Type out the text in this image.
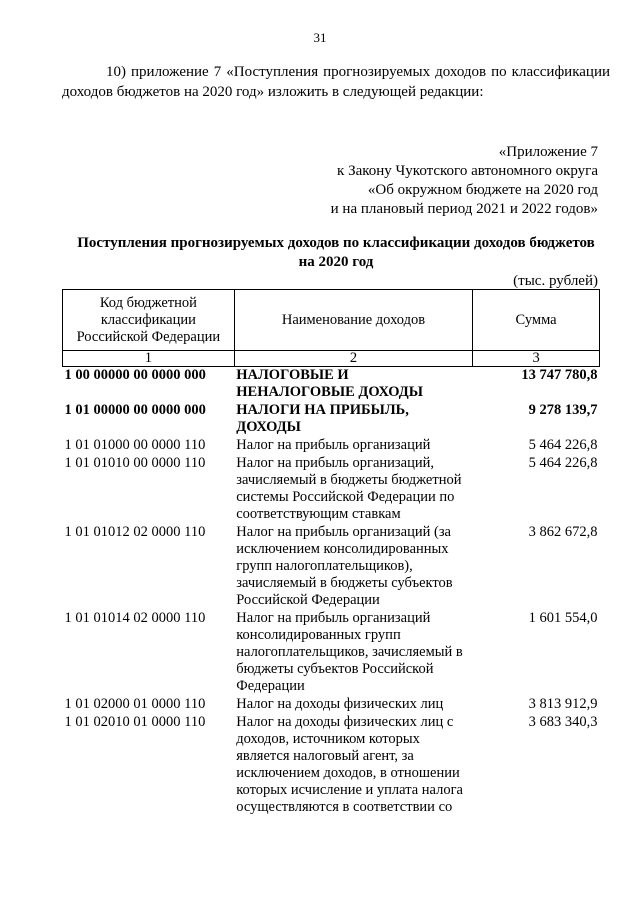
31

10) приложение 7 «Поступления прогнозируемых доходов по классификации доходов бюджетов на 2020 год» изложить в следующей редакции:

«Приложение 7
к Закону Чукотского автономного округа
«Об окружном бюджете на 2020 год
и на плановый период 2021 и 2022 годов»
Поступления прогнозируемых доходов по классификации доходов бюджетов
на 2020 год
(тыс. рублей)
Код бюджетной классификации Российской Федерации	Наименование доходов	Сумма
1	2	3
1 00 00000 00 0000 000	НАЛОГОВЫЕ И НЕНАЛОГОВЫЕ ДОХОДЫ	13 747 780,8
1 01 00000 00 0000 000	НАЛОГИ НА ПРИБЫЛЬ, ДОХОДЫ	9 278 139,7
1 01 01000 00 0000 110	Налог на прибыль организаций	5 464 226,8
1 01 01010 00 0000 110	Налог на прибыль организаций, зачисляемый в бюджеты бюджетной системы Российской Федерации по соответствующим ставкам	5 464 226,8
1 01 01012 02 0000 110	Налог на прибыль организаций (за исключением консолидированных групп налогоплательщиков), зачисляемый в бюджеты субъектов Российской Федерации	3 862 672,8
1 01 01014 02 0000 110	Налог на прибыль организаций консолидированных групп налогоплательщиков, зачисляемый в бюджеты субъектов Российской Федерации	1 601 554,0
1 01 02000 01 0000 110	Налог на доходы физических лиц	3 813 912,9
1 01 02010 01 0000 110	Налог на доходы физических лиц с доходов, источником которых является налоговый агент, за исключением доходов, в отношении которых исчисление и уплата налога осуществляются в соответствии со	3 683 340,3
